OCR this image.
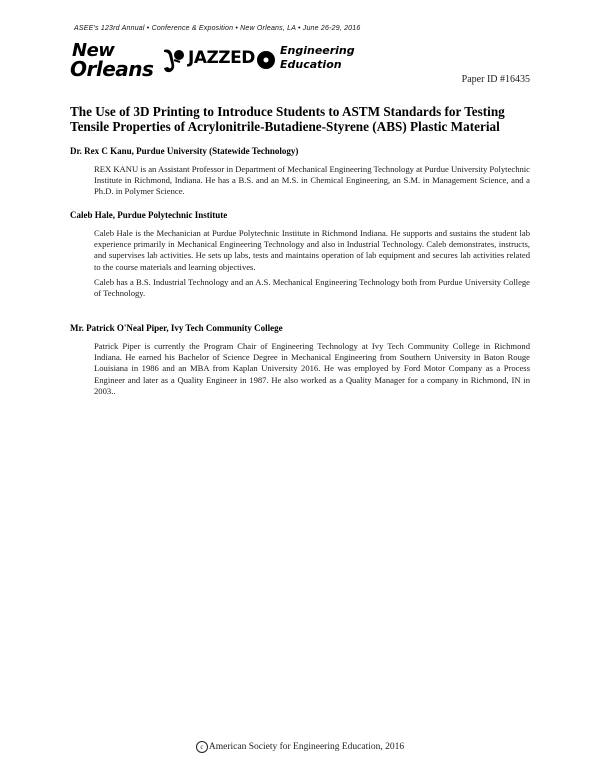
ASEE's 123rd Annual • Conference & Exposition • New Orleans, LA • June 26-29, 2016
New
Orleans JAZZED Engineering
Education
Paper ID #16435
The Use of 3D Printing to Introduce Students to ASTM Standards for Testing
Tensile Properties of Acrylonitrile-Butadiene-Styrene (ABS) Plastic Material
Dr. Rex C Kanu, Purdue University (Statewide Technology)

REX KANU is an Assistant Professor in Department of Mechanical Engineering Technology at Purdue University Polytechnic Institute in Richmond, Indiana. He has a B.S. and an M.S. in Chemical Engineering, an S.M. in Management Science, and a Ph.D. in Polymer Science.

Caleb Hale, Purdue Polytechnic Institute

Caleb Hale is the Mechanician at Purdue Polytechnic Institute in Richmond Indiana. He supports and sustains the student lab experience primarily in Mechanical Engineering Technology and also in Industrial Technology. Caleb demonstrates, instructs, and supervises lab activities. He sets up labs, tests and maintains operation of lab equipment and secures lab activities related to the course materials and learning objectives.

Caleb has a B.S. Industrial Technology and an A.S. Mechanical Engineering Technology both from Purdue University College of Technology.

Mr. Patrick O'Neal Piper, Ivy Tech Community College

Patrick Piper is currently the Program Chair of Engineering Technology at Ivy Tech Community College in Richmond Indiana. He earned his Bachelor of Science Degree in Mechanical Engineering from Southern University in Baton Rouge Louisiana in 1986 and an MBA from Kaplan University 2016. He was employed by Ford Motor Company as a Process Engineer and later as a Quality Engineer in 1987. He also worked as a Quality Manager for a company in Richmond, IN in 2003..

c American Society for Engineering Education, 2016
